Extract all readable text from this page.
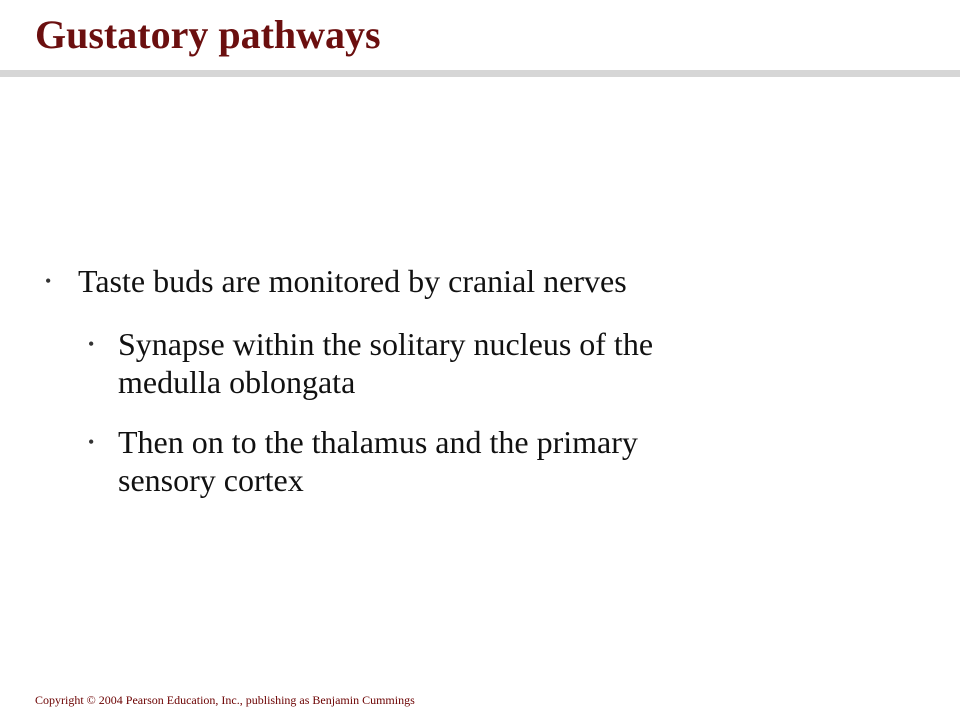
Gustatory pathways
• Taste buds are monitored by cranial nerves
• Synapse within the solitary nucleus of the
medulla oblongata
• Then on to the thalamus and the primary
sensory cortex
Copyright © 2004 Pearson Education, Inc., publishing as Benjamin Cummings
